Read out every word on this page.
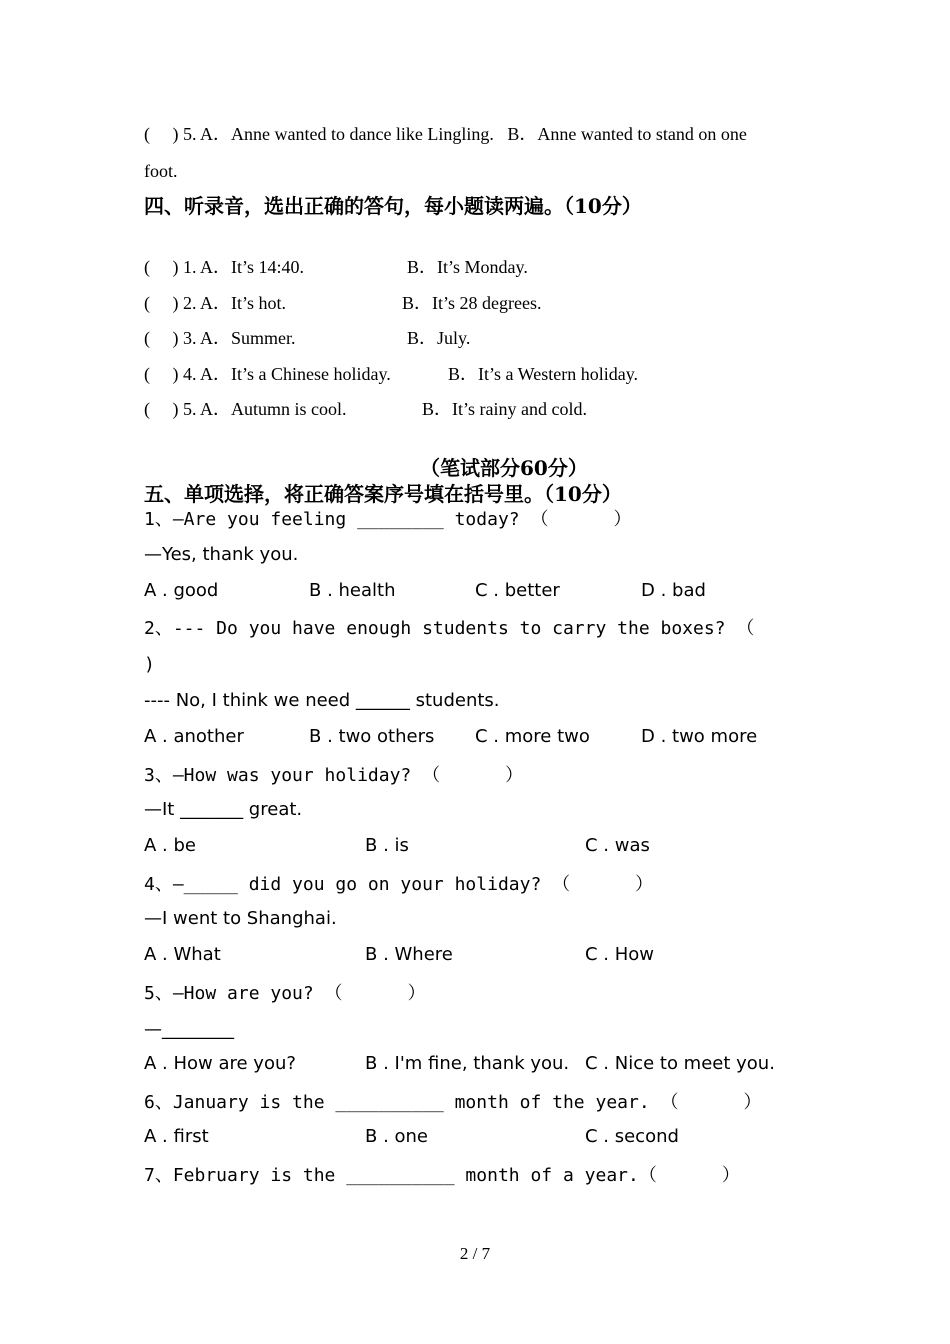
(     ) 5. A．Anne wanted to dance like Lingling.   B．Anne wanted to stand on one
foot.
四、听录音，选出正确的答句，每小题读两遍。（10分）
(     ) 1. A．It’s 14:40.	B．It’s Monday.
(     ) 2. A．It’s hot.	B．It’s 28 degrees.
(     ) 3. A．Summer.	B．July.
(     ) 4. A．It’s a Chinese holiday.	B．It’s a Western holiday.
(     ) 5. A．Autumn is cool.	B．It’s rainy and cold.
（笔试部分60分）
五、单项选择，将正确答案序号填在括号里。（10分）
1、—Are you feeling ________ today? （      ）
—Yes, thank you.
A . good	B . health	C . better	D . bad
2、--- Do you have enough students to carry the boxes? （
)
---- No, I think we need ______ students.
A . another	B . two others C . more two	D . two more
3、—How was your holiday? （      ）
—It _______ great.
A . be	B . is	C . was
4、—_____ did you go on your holiday? （      ）
—I went to Shanghai.
A . What	B . Where	C . How
5、—How are you? （      ）
—________
A . How are you?	B . I'm fine, thank you. C . Nice to meet you.
6、January is the __________ month of the year. （      ）
A . first	B . one	C . second
7、February is the __________ month of a year.（      ）
2 / 7
